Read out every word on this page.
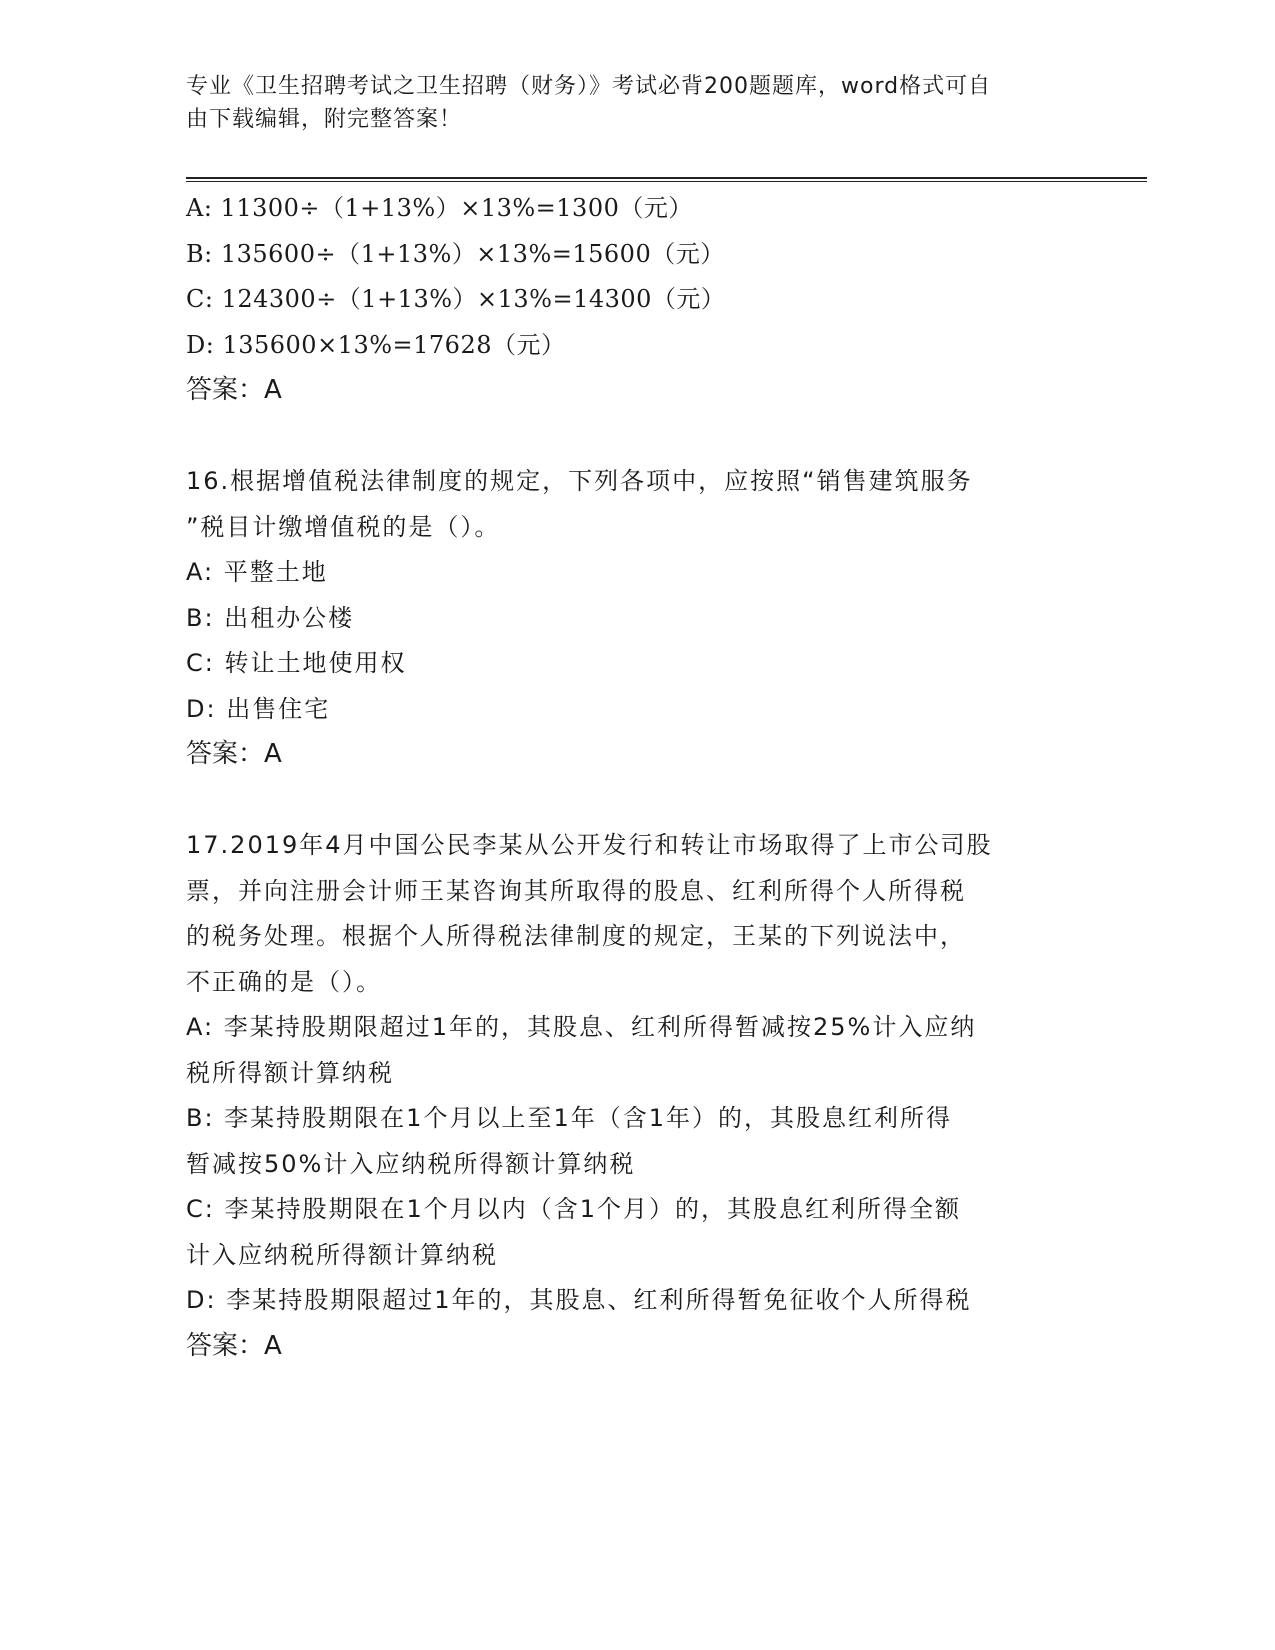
专业《卫生招聘考试之卫生招聘（财务）》考试必背200题题库，word格式可自
由下载编辑，附完整答案！
A: 11300÷（1+13%）×13%=1300（元）
B: 135600÷（1+13%）×13%=15600（元）
C: 124300÷（1+13%）×13%=14300（元）
D: 135600×13%=17628（元）
答案：A
16.根据增值税法律制度的规定，下列各项中，应按照“销售建筑服务
”税目计缴增值税的是（）。
A: 平整土地
B: 出租办公楼
C: 转让土地使用权
D: 出售住宅
答案：A
17.2019年4月中国公民李某从公开发行和转让市场取得了上市公司股
票，并向注册会计师王某咨询其所取得的股息、红利所得个人所得税
的税务处理。根据个人所得税法律制度的规定，王某的下列说法中，
不正确的是（）。
A: 李某持股期限超过1年的，其股息、红利所得暂减按25%计入应纳
税所得额计算纳税
B: 李某持股期限在1个月以上至1年（含1年）的，其股息红利所得
暂减按50%计入应纳税所得额计算纳税
C: 李某持股期限在1个月以内（含1个月）的，其股息红利所得全额
计入应纳税所得额计算纳税
D: 李某持股期限超过1年的，其股息、红利所得暂免征收个人所得税
答案：A
